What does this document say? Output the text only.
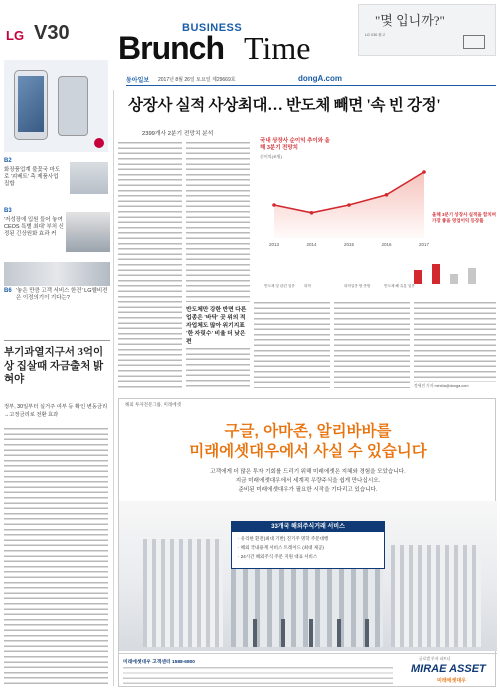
LG V30	BUSINESS
Brunch Time
"몇 입니까?"
LG V30 광고
동아일보 2017년 8월 26일 토요일 제29669호	dongA.com
B2
화장품업계 불꽃국 마도로 '괴베트' 측 제품사업 집합
B3
'저성장에 입원 들어 놓여 CEOS 특별 최대' 부처 신정된 긴상원화 효과 커
B6 '놓은 만큼 고객 서비스 한건' LG헬비전은 이정의기이 기다는?
부기과열지구서 3억이상 집살때 자금출처 밝혀야
정부, 30일부터 실거주 여부 등 확인 변동금리→고정금리로 전환 효과
상장사 실적 사상최대… 반도체 빼면 '속 빈 강정'
2399개사 2분기 전망치 분석
국내 상장사 순이익 추이와 올해 3분기 전망치
순이익(조원)
2013	2014	2015	2016	2017
올해 3분기 상장사 실적을 합치며 가장 좋을 영업이익 등장률
반도체 및 관련 업종	화학	화학업종 합 종합	반도체 빼 유통 업종
반도체만 강한 반면 다른 업종은 '바닥' 곳 위의 적자업체도 많아 위기지표 '한 자릿수' 비율 더 낮은 편
정세진 기자 mint4a@donga.com
해외 투자전문그룹, 미래에셋
구글, 아마존, 알리바바를
미래에셋대우에서 사실 수 있습니다
고객에게 더 많은 투자 기회를 드리기 위해 미래에셋은 지혜와 경험을 모았습니다.
지금 미래에셋대우에서 세계적 우량주식을 쉽게 만나십시오.
준비된 미래에셋대우가 필요한 시작을 기다리고 있습니다.
33개국 해외주식거래 서비스
· 유리한 환전(최대 기반) 진기주 명학 주문대행
· 해외 국내용계 서비스 트레이드 (최대 제공)
· 24시간 해외주식 주문 지원 대표 서비스
미래에셋대우 고객센터 1588-6800
글로벌 투자 파트너
MIRAE ASSET
미래에셋대우
